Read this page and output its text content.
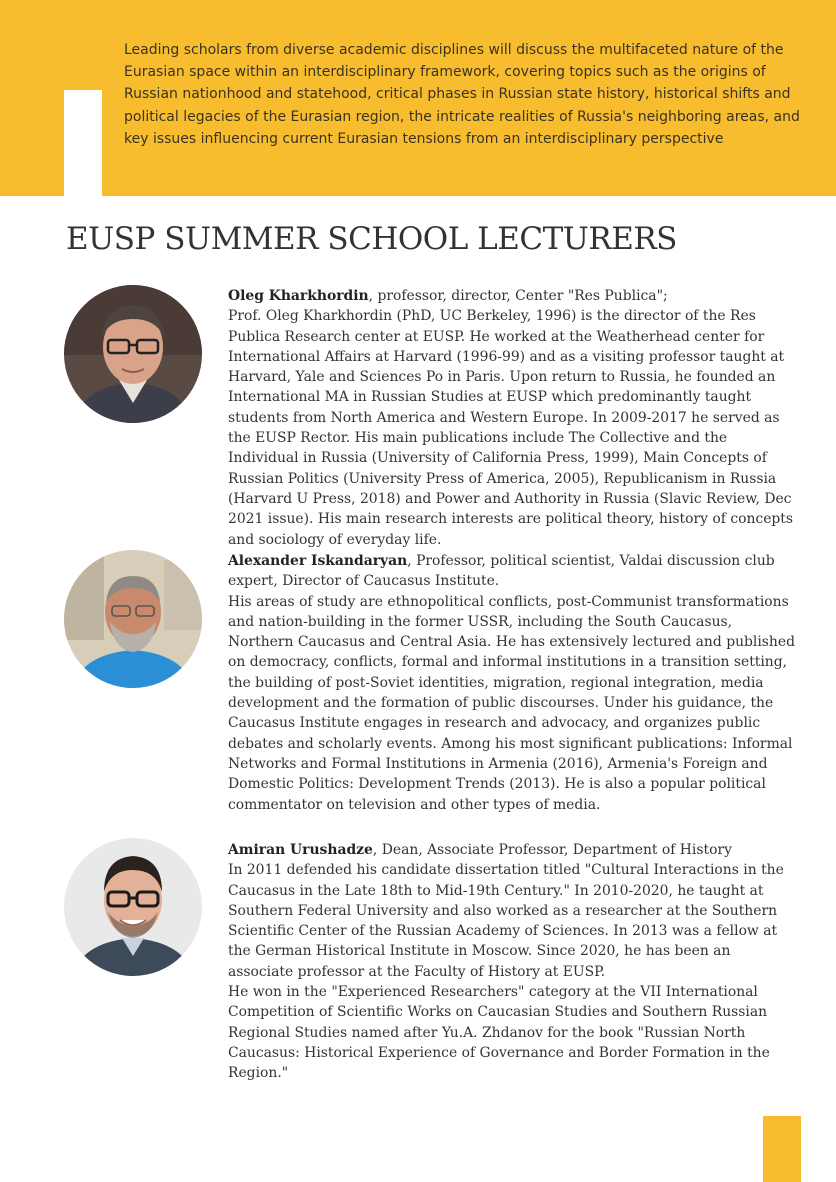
Leading scholars from diverse academic disciplines will discuss the multifaceted nature of the Eurasian space within an interdisciplinary framework, covering topics such as the origins of Russian nationhood and statehood, critical phases in Russian state history, historical shifts and political legacies of the Eurasian region, the intricate realities of Russia's neighboring areas, and key issues influencing current Eurasian tensions from an interdisciplinary perspective

EUSP SUMMER SCHOOL LECTURERS
Oleg Kharkhordin, professor, director, Center "Res Publica";
Prof. Oleg Kharkhordin (PhD, UC Berkeley, 1996) is the director of the Res Publica Research center at EUSP. He worked at the Weatherhead center for International Affairs at Harvard (1996-99) and as a visiting professor taught at Harvard, Yale and Sciences Po in Paris. Upon return to Russia, he founded an International MA in Russian Studies at EUSP which predominantly taught students from North America and Western Europe. In 2009-2017 he served as the EUSP Rector. His main publications include The Collective and the Individual in Russia (University of California Press, 1999), Main Concepts of Russian Politics (University Press of America, 2005), Republicanism in Russia (Harvard U Press, 2018) and Power and Authority in Russia (Slavic Review, Dec 2021 issue). His main research interests are political theory, history of concepts and sociology of everyday life.
Alexander Iskandaryan, Professor, political scientist, Valdai discussion club expert, Director of Caucasus Institute.
His areas of study are ethnopolitical conflicts, post-Communist transformations and nation-building in the former USSR, including the South Caucasus, Northern Caucasus and Central Asia. He has extensively lectured and published on democracy, conflicts, formal and informal institutions in a transition setting, the building of post-Soviet identities, migration, regional integration, media development and the formation of public discourses. Under his guidance, the Caucasus Institute engages in research and advocacy, and organizes public debates and scholarly events. Among his most significant publications: Informal Networks and Formal Institutions in Armenia (2016), Armenia's Foreign and Domestic Politics: Development Trends (2013). He is also a popular political commentator on television and other types of media.
Amiran Urushadze, Dean, Associate Professor, Department of History
In 2011 defended his candidate dissertation titled "Cultural Interactions in the Caucasus in the Late 18th to Mid-19th Century." In 2010-2020, he taught at Southern Federal University and also worked as a researcher at the Southern Scientific Center of the Russian Academy of Sciences. In 2013 was a fellow at the German Historical Institute in Moscow. Since 2020, he has been an associate professor at the Faculty of History at EUSP.
He won in the "Experienced Researchers" category at the VII International Competition of Scientific Works on Caucasian Studies and Southern Russian Regional Studies named after Yu.A. Zhdanov for the book "Russian North Caucasus: Historical Experience of Governance and Border Formation in the Region."
